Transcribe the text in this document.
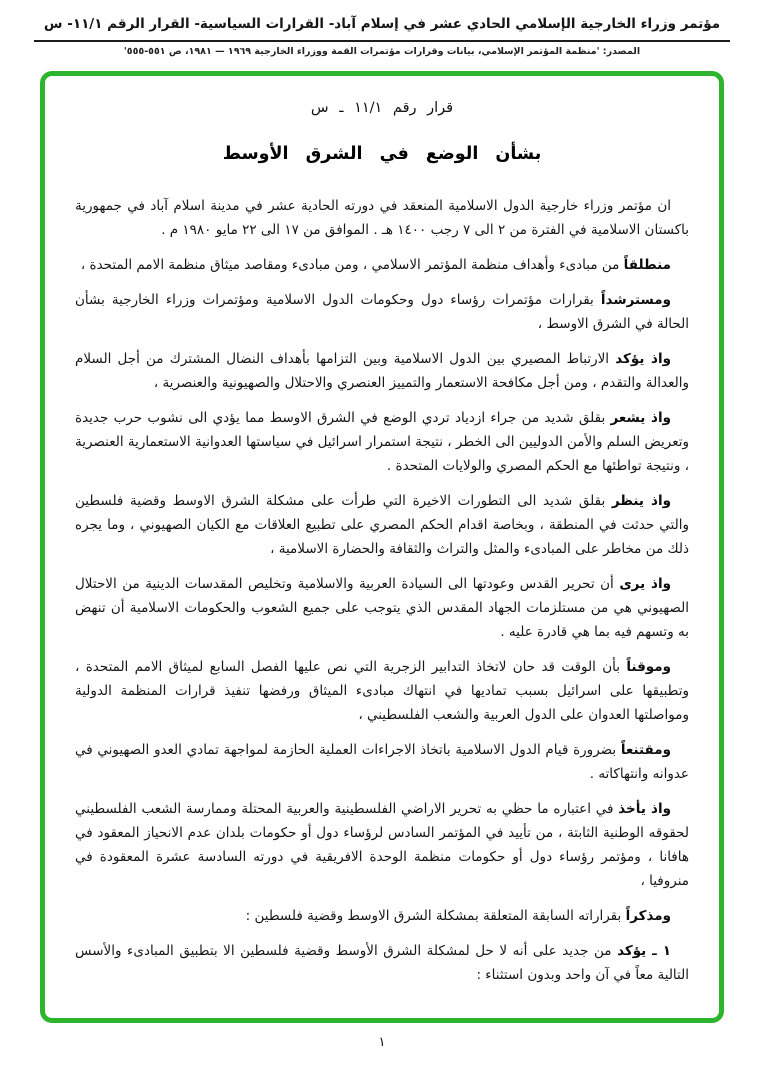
مؤتمر وزراء الخارجية الإسلامي الحادي عشر في إسلام آباد- القرارات السياسية- القرار الرقم ١١/١- س
المصدر: 'منظمة المؤتمر الإسلامي، بيانات وقرارات مؤتمرات القمة ووزراء الخارجية ١٩٦٩ — ١٩٨١، ص ٥٥١-٥٥٥'
قرار رقم ١١/١ ـ س
بشأن الوضع في الشرق الأوسط

ان مؤتمر وزراء خارجية الدول الاسلامية المنعقد في دورته الحادية عشر في مدينة اسلام آباد في جمهورية باكستان الاسلامية في الفترة من ٢ الى ٧ رجب ١٤٠٠ هـ . الموافق من ١٧ الى ٢٢ مايو ١٩٨٠ م .

منطلقاً من مبادىء وأهداف منظمة المؤتمر الاسلامي ، ومن مبادىء ومقاصد ميثاق منظمة الامم المتحدة ،

ومسترشداً بقرارات مؤتمرات رؤساء دول وحكومات الدول الاسلامية ومؤتمرات وزراء الخارجية بشأن الحالة في الشرق الاوسط ،

واذ يؤكد الارتباط المصيري بين الدول الاسلامية وبين التزامها بأهداف النضال المشترك من أجل السلام والعدالة والتقدم ، ومن أجل مكافحة الاستعمار والتمييز العنصري والاحتلال والصهيونية والعنصرية ،

واذ يشعر بقلق شديد من جراء ازدياد تردي الوضع في الشرق الاوسط مما يؤدي الى نشوب حرب جديدة وتعريض السلم والأمن الدوليين الى الخطر ، نتيجة استمرار اسرائيل في سياستها العدوانية الاستعمارية العنصرية ، ونتيجة تواطئها مع الحكم المصري والولايات المتحدة .

واذ ينظر بقلق شديد الى التطورات الاخيرة التي طرأت على مشكلة الشرق الاوسط وقضية فلسطين والتي حدثت في المنطقة ، وبخاصة اقدام الحكم المصري على تطبيع العلاقات مع الكيان الصهيوني ، وما يجره ذلك من مخاطر على المبادىء والمثل والتراث والثقافة والحضارة الاسلامية ،

واذ يرى أن تحرير القدس وعودتها الى السيادة العربية والاسلامية وتخليص المقدسات الدينية من الاحتلال الصهيوني هي من مستلزمات الجهاد المقدس الذي يتوجب على جميع الشعوب والحكومات الاسلامية أن تنهض به وتسهم فيه بما هي قادرة عليه .

وموقناً بأن الوقت قد حان لاتخاذ التدابير الزجرية التي نص عليها الفصل السابع لميثاق الامم المتحدة ، وتطبيقها على اسرائيل بسبب تماديها في انتهاك مبادىء الميثاق ورفضها تنفيذ قرارات المنظمة الدولية ومواصلتها العدوان على الدول العربية والشعب الفلسطيني ،

ومقتنعاً بضرورة قيام الدول الاسلامية باتخاذ الاجراءات العملية الحازمة لمواجهة تمادي العدو الصهيوني في عدوانه وانتهاكاته .

واذ يأخذ في اعتباره ما حظي به تحرير الاراضي الفلسطينية والعربية المحتلة وممارسة الشعب الفلسطيني لحقوقه الوطنية الثابتة ، من تأييد في المؤتمر السادس لرؤساء دول أو حكومات بلدان عدم الانحياز المعقود في هافانا ، ومؤتمر رؤساء دول أو حكومات منظمة الوحدة الافريقية في دورته السادسة عشرة المعقودة في منروفيا ،

ومذكراً بقراراته السابقة المتعلقة بمشكلة الشرق الاوسط وقضية فلسطين :

١ ـ يؤكد من جديد على أنه لا حل لمشكلة الشرق الأوسط وقضية فلسطين الا بتطبيق المبادىء والأسس التالية معاً في آن واحد وبدون استثناء :

١
